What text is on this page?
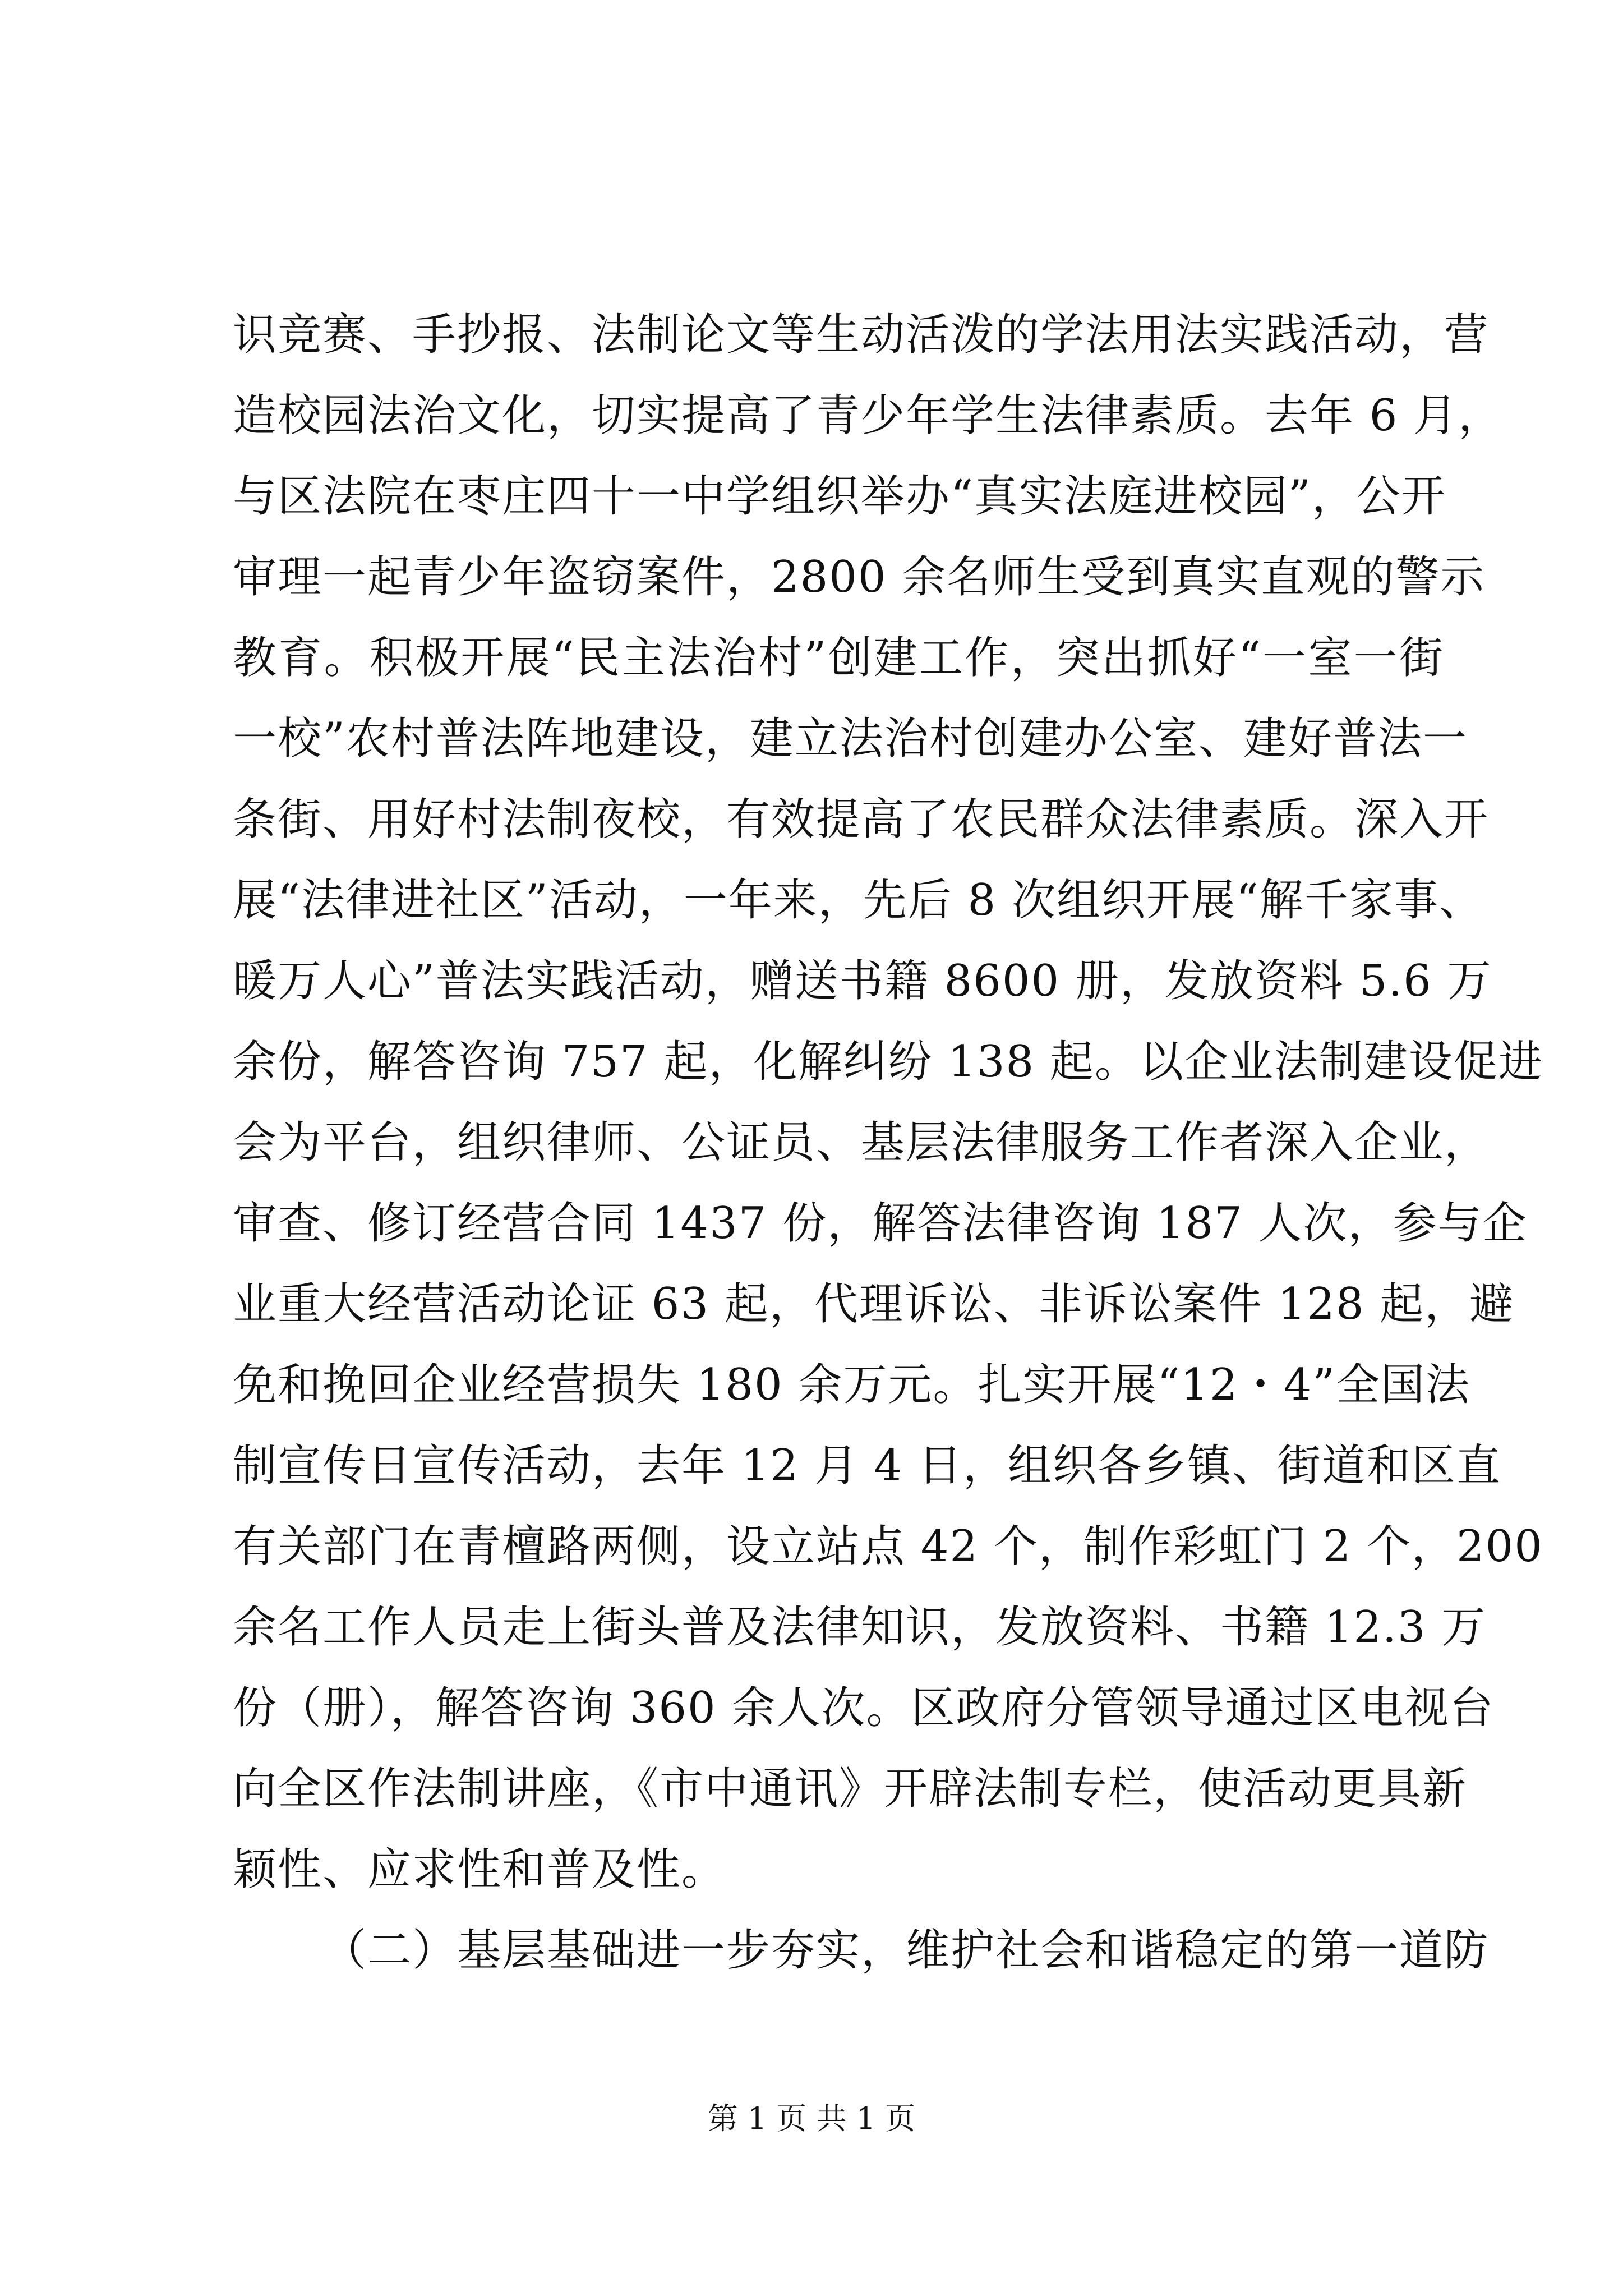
识竞赛、手抄报、法制论文等生动活泼的学法用法实践活动，营
造校园法治文化，切实提高了青少年学生法律素质。去年 6 月，
与区法院在枣庄四十一中学组织举办“真实法庭进校园”，公开
审理一起青少年盗窃案件，2800 余名师生受到真实直观的警示
教育。积极开展“民主法治村”创建工作，突出抓好“一室一街
一校”农村普法阵地建设，建立法治村创建办公室、建好普法一
条街、用好村法制夜校，有效提高了农民群众法律素质。深入开
展“法律进社区”活动，一年来，先后 8 次组织开展“解千家事、
暖万人心”普法实践活动，赠送书籍 8600 册，发放资料 5.6 万
余份，解答咨询 757 起，化解纠纷 138 起。以企业法制建设促进
会为平台，组织律师、公证员、基层法律服务工作者深入企业，
审查、修订经营合同 1437 份，解答法律咨询 187 人次，参与企
业重大经营活动论证 63 起，代理诉讼、非诉讼案件 128 起，避
免和挽回企业经营损失 180 余万元。扎实开展“12・4”全国法
制宣传日宣传活动，去年 12 月 4 日，组织各乡镇、街道和区直
有关部门在青檀路两侧，设立站点 42 个，制作彩虹门 2 个，200
余名工作人员走上街头普及法律知识，发放资料、书籍 12.3 万
份（册），解答咨询 360 余人次。区政府分管领导通过区电视台
向全区作法制讲座，《市中通讯》开辟法制专栏，使活动更具新
颖性、应求性和普及性。
（二）基层基础进一步夯实，维护社会和谐稳定的第一道防
第 1 页 共 1 页
